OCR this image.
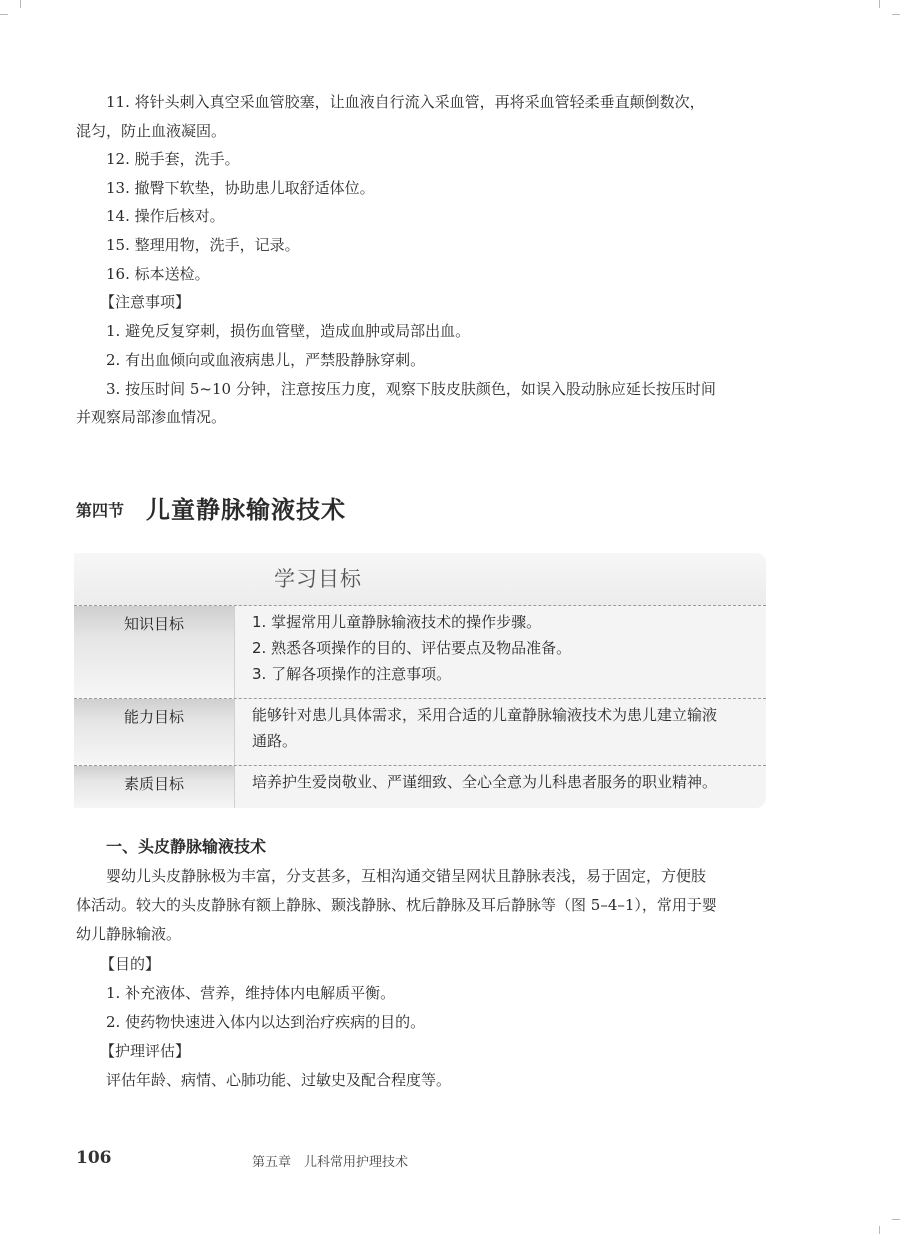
11. 将针头刺入真空采血管胶塞，让血液自行流入采血管，再将采血管轻柔垂直颠倒数次，
混匀，防止血液凝固。
12. 脱手套，洗手。
13. 撤臀下软垫，协助患儿取舒适体位。
14. 操作后核对。
15. 整理用物，洗手，记录。
16. 标本送检。
【注意事项】
1. 避免反复穿刺，损伤血管壁，造成血肿或局部出血。
2. 有出血倾向或血液病患儿，严禁股静脉穿刺。
3. 按压时间 5~10 分钟，注意按压力度，观察下肢皮肤颜色，如误入股动脉应延长按压时间
并观察局部渗血情况。
第四节 儿童静脉输液技术
学习目标
知识目标	1. 掌握常用儿童静脉输液技术的操作步骤。
2. 熟悉各项操作的目的、评估要点及物品准备。
3. 了解各项操作的注意事项。
能力目标	能够针对患儿具体需求，采用合适的儿童静脉输液技术为患儿建立输液
通路。
素质目标	培养护生爱岗敬业、严谨细致、全心全意为儿科患者服务的职业精神。
一、头皮静脉输液技术
婴幼儿头皮静脉极为丰富，分支甚多，互相沟通交错呈网状且静脉表浅，易于固定，方便肢
体活动。较大的头皮静脉有额上静脉、颞浅静脉、枕后静脉及耳后静脉等（图 5–4–1），常用于婴
幼儿静脉输液。
【目的】
1. 补充液体、营养，维持体内电解质平衡。
2. 使药物快速进入体内以达到治疗疾病的目的。
【护理评估】
评估年龄、病情、心肺功能、过敏史及配合程度等。
106	第五章　儿科常用护理技术
